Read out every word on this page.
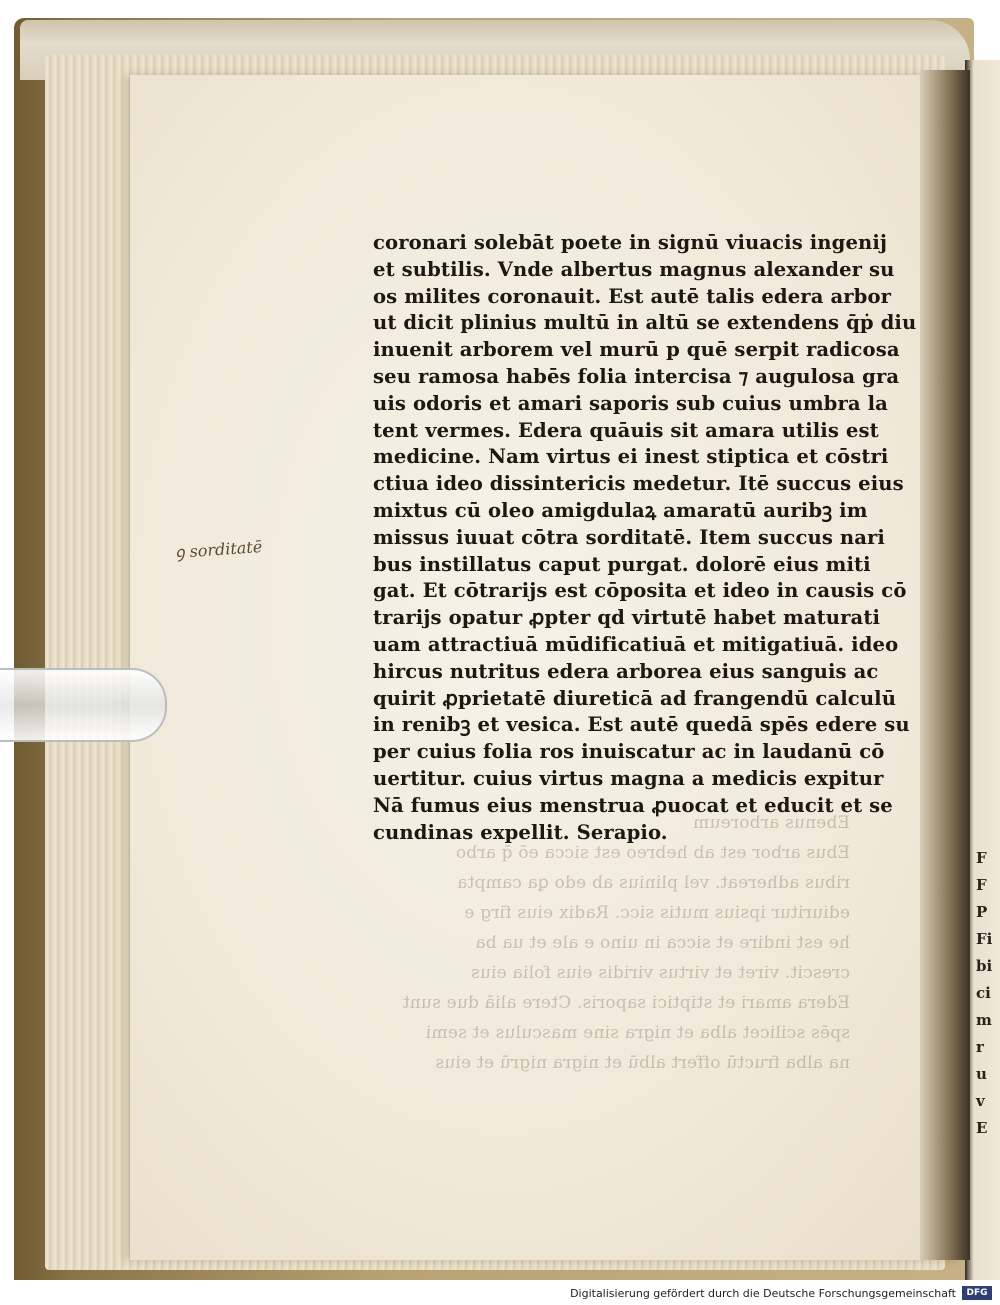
Ebenus arboreum
Ebus arbor est ab hebreo est sicca eō q̄ arbo
ribus adhereat. vel plinius ab edo ꝗa campta
ediuritur ipsius mutis sicc. Radix eius firg e
he est indire et sicca in uino e ale et ua ba
crescit. viret et virtus viridis eius folia eius
Edera amari et stiptici saporis. Ctere aliā due sunt
spēs scilicet alba et nigra sine masculus et semi
na alba fructū offert albū et nigra nigrū et eius
coronari solebāt poete in signū viuacis ingenij
et subtilis. Vnde albertus magnus alexander su
os milites coronauit. Est autē talis edera arbor
ut dicit plinius multū in altū se extendens q̄ṗ diu
inuenit arborem vel murū p quē serpit radicosa
seu ramosa habēs folia intercisa ⁊ augulosa gra
uis odoris et amari saporis sub cuius umbra la
tent vermes. Edera quāuis sit amara utilis est
medicine. Nam virtus ei inest stiptica et cōstri
ctiua ideo dissintericis medetur. Itē succus eius
mixtus cū oleo amigdulaꝝ amaratū auribꝫ im
missus iuuat cōtra sorditatē. Item succus nari
bus instillatus caput purgat. dolorē eius miti
gat. Et cōtrarijs est cōposita et ideo in causis cō
trarijs opatur ꝓpter qd virtutē habet maturati
uam attractiuā mūdificatiuā et mitigatiuā. ideo
hircus nutritus edera arborea eius sanguis ac
quirit ꝓprietatē diureticā ad frangendū calculū
in renibꝫ et vesica. Est autē quedā spēs edere su
per cuius folia ros inuiscatur ac in laudanū cō
uertitur. cuius virtus magna a medicis expitur
Nā fumus eius menstrua ꝓuocat et educit et se
cundinas expellit. Serapio.
ꝯ sorditatē
F
F
P
Fi
bi
ci
m
r
u
v
E
Digitalisierung gefördert durch die Deutsche Forschungsgemeinschaft	DFG
